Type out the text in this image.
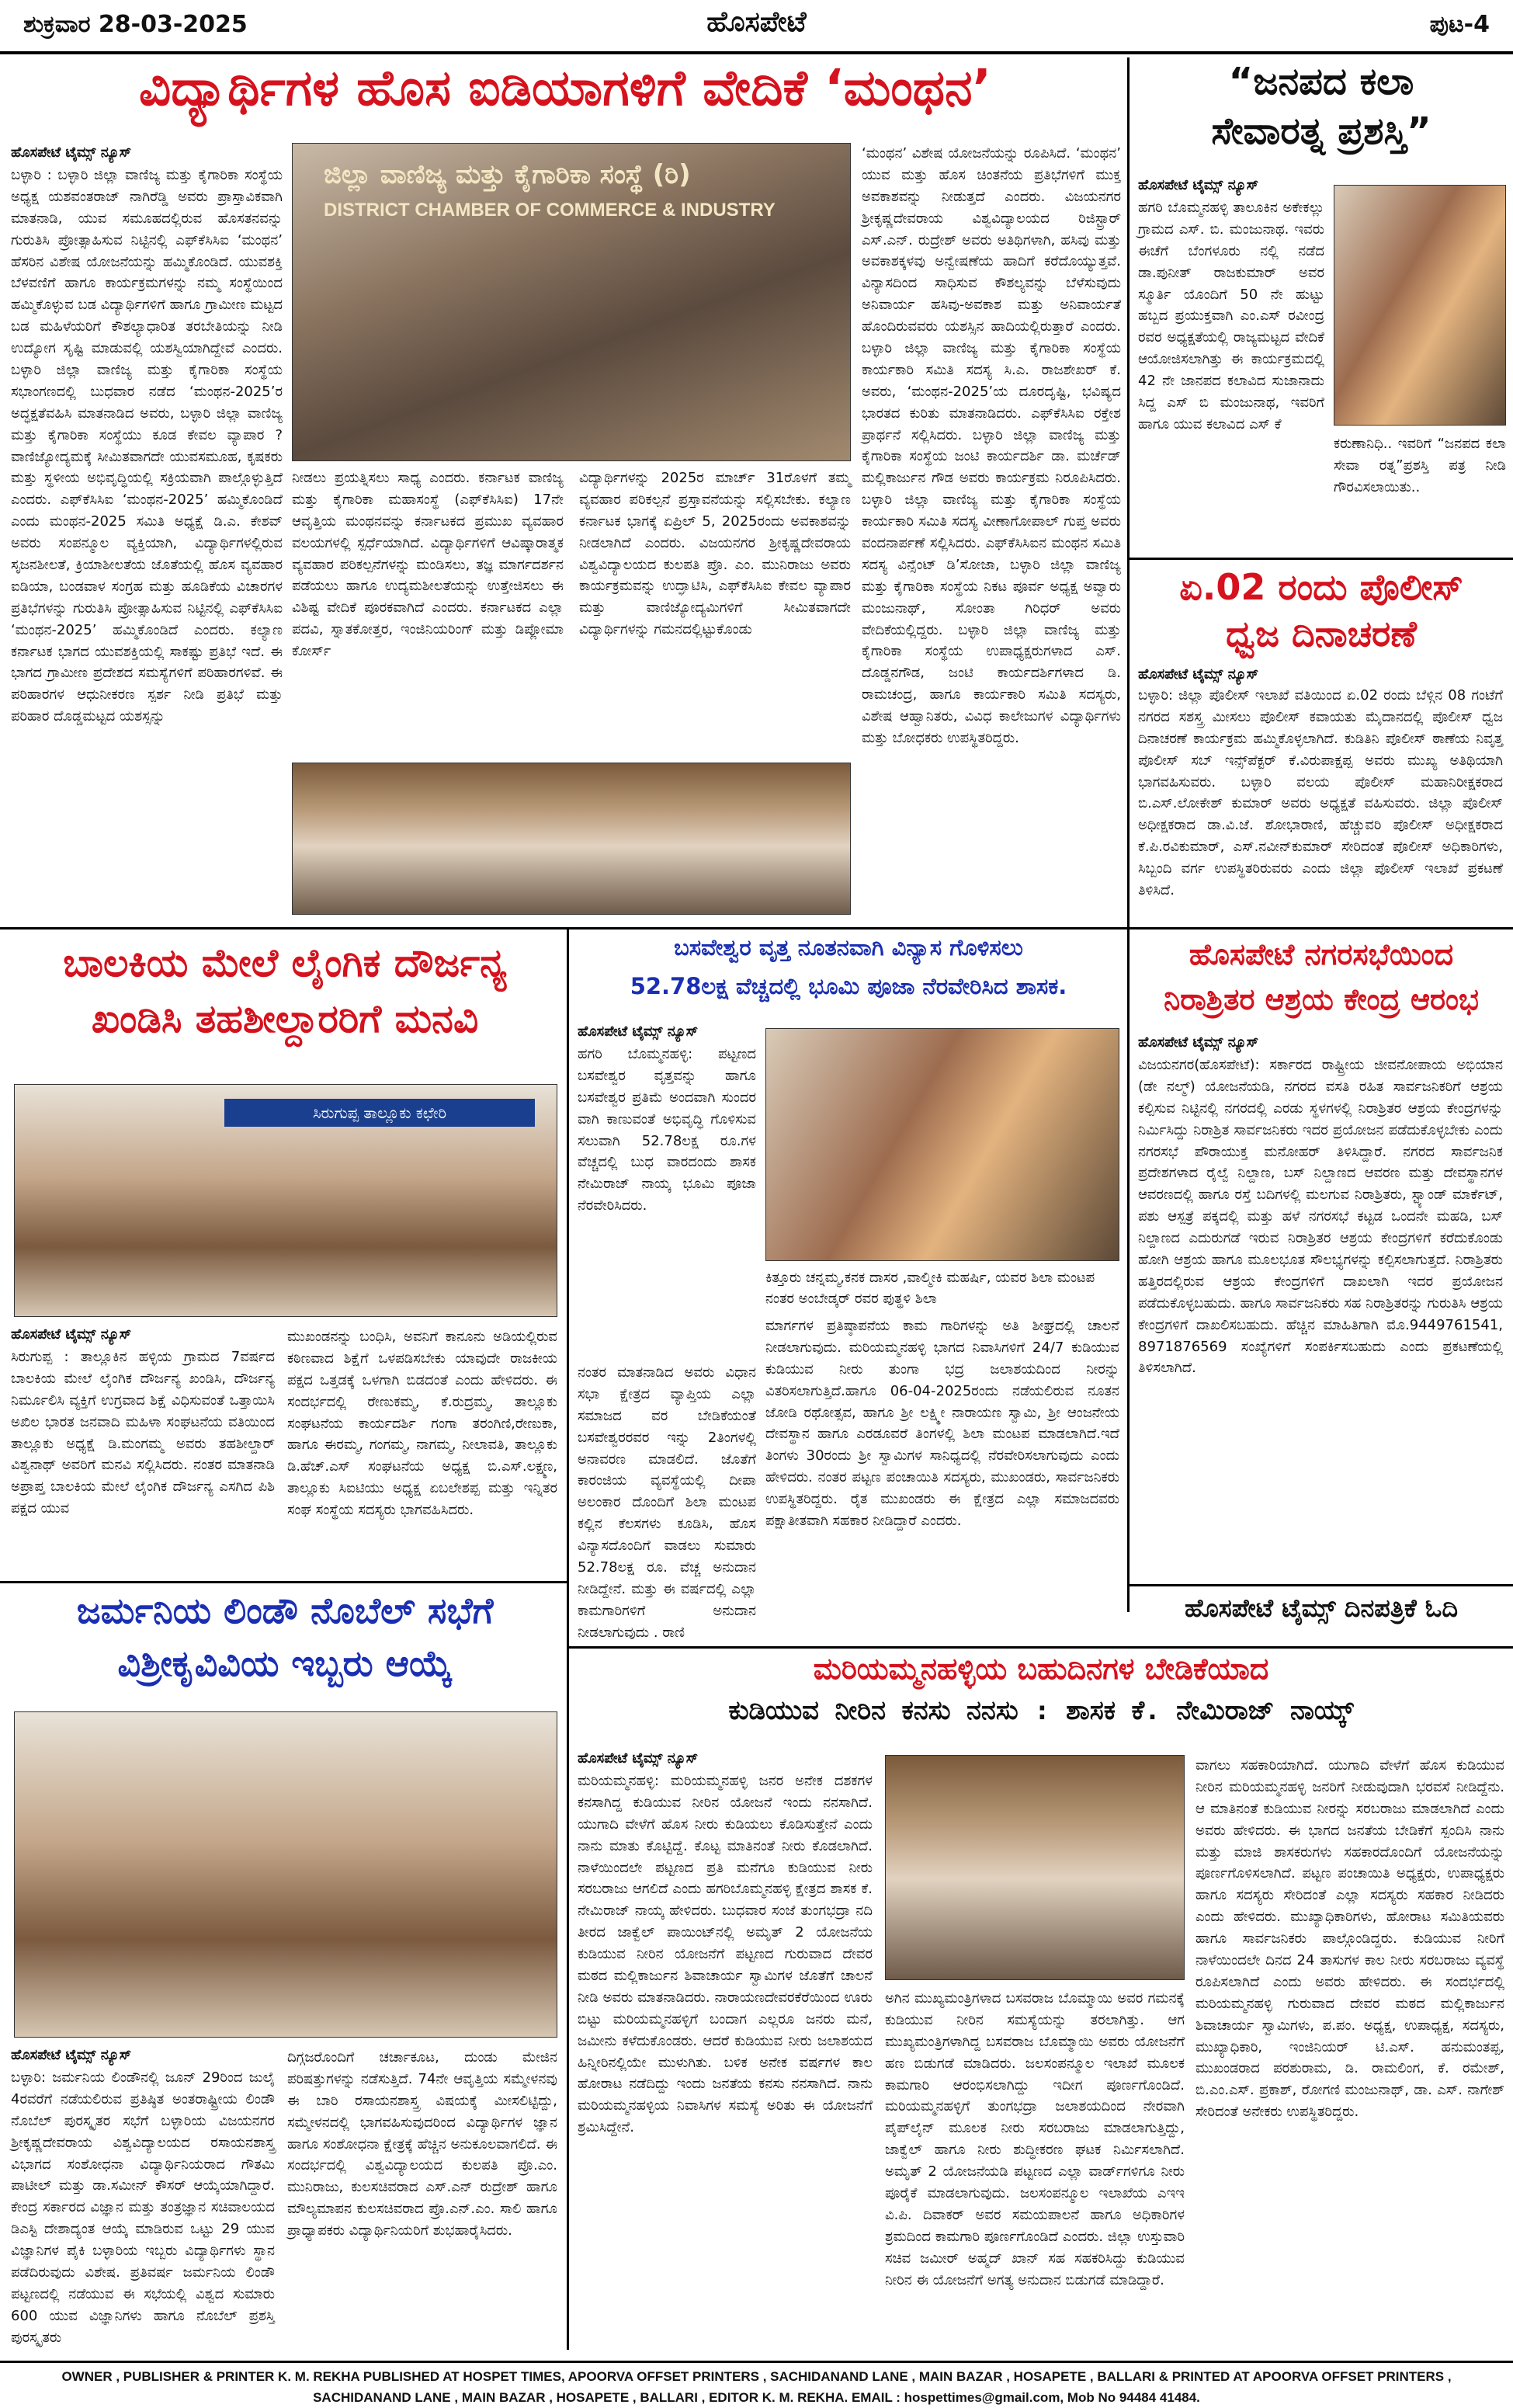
ಹೊಸಪೇಟೆ
ಶುಕ್ರವಾರ 28-03-2025	ಪುಟ-4
ವಿದ್ಯಾರ್ಥಿಗಳ ಹೊಸ ಐಡಿಯಾಗಳಿಗೆ ವೇದಿಕೆ ‘ಮಂಥನ’
ಹೊಸಪೇಟೆ ಟೈಮ್ಸ್ ನ್ಯೂಸ್
ಬಳ್ಳಾರಿ : ಬಳ್ಳಾರಿ ಜಿಲ್ಲಾ ವಾಣಿಜ್ಯ ಮತ್ತು ಕೈಗಾರಿಕಾ ಸಂಸ್ಥೆಯ ಅಧ್ಯಕ್ಷ ಯಶವಂತರಾಜ್ ನಾಗಿರೆಡ್ಡಿ ಅವರು ಪ್ರಾಸ್ತಾವಿಕವಾಗಿ ಮಾತನಾಡಿ, ಯುವ ಸಮೂಹದಲ್ಲಿರುವ ಹೊಸತನವನ್ನು ಗುರುತಿಸಿ ಪ್ರೋತ್ಸಾಹಿಸುವ ನಿಟ್ಟಿನಲ್ಲಿ ಎಫ್‌ಕೆಸಿಸಿಐ ‘ಮಂಥನ’ ಹೆಸರಿನ ವಿಶೇಷ ಯೋಜನೆಯನ್ನು ಹಮ್ಮಿಕೊಂಡಿದೆ. ಯುವಶಕ್ತಿ ಬೆಳವಣಿಗೆ ಹಾಗೂ ಕಾರ್ಯಕ್ರಮಗಳನ್ನು ನಮ್ಮ ಸಂಸ್ಥೆಯಿಂದ ಹಮ್ಮಿಕೊಳ್ಳುವ ಬಡ ವಿದ್ಯಾರ್ಥಿಗಳಿಗೆ ಹಾಗೂ ಗ್ರಾಮೀಣ ಮಟ್ಟದ ಬಡ ಮಹಿಳೆಯರಿಗೆ ಕೌಶಲ್ಯಾಧಾರಿತ ತರಬೇತಿಯನ್ನು ನೀಡಿ ಉದ್ಯೋಗ ಸೃಷ್ಟಿ ಮಾಡುವಲ್ಲಿ ಯಶಸ್ವಿಯಾಗಿದ್ದೇವೆ ಎಂದರು. ಬಳ್ಳಾರಿ ಜಿಲ್ಲಾ ವಾಣಿಜ್ಯ ಮತ್ತು ಕೈಗಾರಿಕಾ ಸಂಸ್ಥೆಯ ಸಭಾಂಗಣದಲ್ಲಿ ಬುಧವಾರ ನಡೆದ ‘ಮಂಥನ-2025’ರ ಅದ್ಧಕ್ಷತೆವಹಿಸಿ ಮಾತನಾಡಿದ ಅವರು, ಬಳ್ಳಾರಿ ಜಿಲ್ಲಾ ವಾಣಿಜ್ಯ ಮತ್ತು ಕೈಗಾರಿಕಾ ಸಂಸ್ಥೆಯು ಕೂಡ ಕೇವಲ ವ್ಯಾಪಾರ ? ವಾಣಿಜ್ಯೋದ್ಯಮಕ್ಕೆ ಸೀಮಿತವಾಗದೇ ಯುವಸಮೂಹ, ಕೃಷಕರು ಮತ್ತು ಸ್ಥಳೀಯ ಅಭಿವೃದ್ಧಿಯಲ್ಲಿ ಸಕ್ರಿಯವಾಗಿ ಪಾಲ್ಗೊಳ್ಳುತ್ತಿದೆ ಎಂದರು. ಎಫ್‌ಕೆಸಿಸಿಐ ‘ಮಂಥನ-2025’ ಹಮ್ಮಿಕೊಂಡಿದೆ ಎಂದು ಮಂಥನ-2025 ಸಮಿತಿ ಅಧ್ಯಕ್ಷೆ ಡಿ.ಎ. ಕೇಶವ್ ಅವರು ಸಂಪನ್ಮೂಲ ವ್ಯಕ್ತಿಯಾಗಿ, ವಿದ್ಯಾರ್ಥಿಗಳಲ್ಲಿರುವ ಸೃಜನಶೀಲತೆ, ಕ್ರಿಯಾಶೀಲತೆಯ ಜೊತೆಯಲ್ಲಿ ಹೊಸ ವ್ಯವಹಾರ ಐಡಿಯಾ, ಬಂಡವಾಳ ಸಂಗ್ರಹ ಮತ್ತು ಹೂಡಿಕೆಯ ವಿಚಾರಗಳ ಪ್ರತಿಭೆಗಳನ್ನು ಗುರುತಿಸಿ ಪ್ರೋತ್ಸಾಹಿಸುವ ನಿಟ್ಟಿನಲ್ಲಿ ಎಫ್‌ಕೆಸಿಸಿಐ ‘ಮಂಥನ-2025’ ಹಮ್ಮಿಕೊಂಡಿದೆ ಎಂದರು. ಕಲ್ಯಾಣ ಕರ್ನಾಟಕ ಭಾಗದ ಯುವಶಕ್ತಿಯಲ್ಲಿ ಸಾಕಷ್ಟು ಪ್ರತಿಭೆ ಇದೆ. ಈ ಭಾಗದ ಗ್ರಾಮೀಣ ಪ್ರದೇಶದ ಸಮಸ್ಯೆಗಳಿಗೆ ಪರಿಹಾರಗಳಿವೆ. ಈ ಪರಿಹಾರಗಳ ಆಧುನೀಕರಣ ಸ್ಪರ್ಶ ನೀಡಿ ಪ್ರತಿಭೆ ಮತ್ತು ಪರಿಹಾರ ದೊಡ್ಡಮಟ್ಟದ ಯಶಸ್ಸನ್ನು
ಜಿಲ್ಲಾ ವಾಣಿಜ್ಯ ಮತ್ತು ಕೈಗಾರಿಕಾ ಸಂಸ್ಥೆ (ರಿ)
DISTRICT CHAMBER OF COMMERCE & INDUSTRY
ನೀಡಲು ಪ್ರಯತ್ನಿಸಲು ಸಾಧ್ಯ ಎಂದರು. ಕರ್ನಾಟಕ ವಾಣಿಜ್ಯ ಮತ್ತು ಕೈಗಾರಿಕಾ ಮಹಾಸಂಸ್ಥೆ (ಎಫ್‌ಕೆಸಿಸಿಐ) 17ನೇ ಆವೃತ್ತಿಯ ಮಂಥನವನ್ನು ಕರ್ನಾಟಕದ ಪ್ರಮುಖ ವ್ಯವಹಾರ ವಲಯಗಳಲ್ಲಿ ಸ್ಪರ್ಧೆಯಾಗಿದೆ. ವಿದ್ಯಾರ್ಥಿಗಳಿಗೆ ಆವಿಷ್ಕಾರಾತ್ಮಕ ವ್ಯವಹಾರ ಪರಿಕಲ್ಪನೆಗಳನ್ನು ಮಂಡಿಸಲು, ತಜ್ಞ ಮಾರ್ಗದರ್ಶನ ಪಡೆಯಲು ಹಾಗೂ ಉದ್ಯಮಶೀಲತೆಯನ್ನು ಉತ್ತೇಜಿಸಲು ಈ ವಿಶಿಷ್ಟ ವೇದಿಕೆ ಪೂರಕವಾಗಿದೆ ಎಂದರು. ಕರ್ನಾಟಕದ ಎಲ್ಲಾ ಪದವಿ, ಸ್ನಾತಕೋತ್ತರ, ಇಂಜಿನಿಯರಿಂಗ್ ಮತ್ತು ಡಿಪ್ಲೋಮಾ ಕೋರ್ಸ್
ವಿದ್ಯಾರ್ಥಿಗಳನ್ನು 2025ರ ಮಾರ್ಚ್ 31ರೊಳಗೆ ತಮ್ಮ ವ್ಯವಹಾರ ಪರಿಕಲ್ಪನೆ ಪ್ರಸ್ತಾವನೆಯನ್ನು ಸಲ್ಲಿಸಬೇಕು. ಕಲ್ಯಾಣ ಕರ್ನಾಟಕ ಭಾಗಕ್ಕೆ ಏಪ್ರಿಲ್ 5, 2025ರಂದು ಅವಕಾಶವನ್ನು ನೀಡಲಾಗಿದೆ ಎಂದರು. ವಿಜಯನಗರ ಶ್ರೀಕೃಷ್ಣದೇವರಾಯ ವಿಶ್ವವಿದ್ಯಾಲಯದ ಕುಲಪತಿ ಪ್ರೊ. ಎಂ. ಮುನಿರಾಜು ಅವರು ಕಾರ್ಯಕ್ರಮವನ್ನು ಉದ್ಘಾಟಿಸಿ, ಎಫ್‌ಕೆಸಿಸಿಐ ಕೇವಲ ವ್ಯಾಪಾರ ಮತ್ತು ವಾಣಿಜ್ಯೋದ್ಯಮಿಗಳಿಗೆ ಸೀಮಿತವಾಗದೇ ವಿದ್ಯಾರ್ಥಿಗಳನ್ನು ಗಮನದಲ್ಲಿಟ್ಟುಕೊಂಡು
‘ಮಂಥನ’ ವಿಶೇಷ ಯೋಜನೆಯನ್ನು ರೂಪಿಸಿದೆ. ‘ಮಂಥನ’ ಯುವ ಮತ್ತು ಹೊಸ ಚಿಂತನೆಯ ಪ್ರತಿಭೆಗಳಿಗೆ ಮುಕ್ತ ಅವಕಾಶವನ್ನು ನೀಡುತ್ತದೆ ಎಂದರು. ವಿಜಯನಗರ ಶ್ರೀಕೃಷ್ಣದೇವರಾಯ ವಿಶ್ವವಿದ್ಯಾಲಯದ ರಿಜಿಸ್ಟ್ರಾರ್ ಎಸ್.ಎನ್. ರುದ್ರೇಶ್ ಅವರು ಅತಿಥಿಗಳಾಗಿ, ಹಸಿವು ಮತ್ತು ಅವಕಾಶಕ್ಕಳವು ಅನ್ವೇಷಣೆಯ ಹಾದಿಗೆ ಕರೆದೊಯ್ಯುತ್ತವೆ. ವಿನ್ಯಾಸದಿಂದ ಸಾಧಿಸುವ ಕೌಶಲ್ಯವನ್ನು ಬೆಳೆಸುವುದು ಅನಿವಾರ್ಯ ಹಸಿವು-ಅವಕಾಶ ಮತ್ತು ಅನಿವಾರ್ಯತೆ ಹೊಂದಿರುವವರು ಯಶಸ್ಸಿನ ಹಾದಿಯಲ್ಲಿರುತ್ತಾರೆ ಎಂದರು. ಬಳ್ಳಾರಿ ಜಿಲ್ಲಾ ವಾಣಿಜ್ಯ ಮತ್ತು ಕೈಗಾರಿಕಾ ಸಂಸ್ಥೆಯ ಕಾರ್ಯಕಾರಿ ಸಮಿತಿ ಸದಸ್ಯ ಸಿ.ಎ. ರಾಜಶೇಖರ್ ಕೆ. ಅವರು, ‘ಮಂಥನ-2025’ಯ ದೂರದೃಷ್ಟಿ, ಭವಿಷ್ಯದ ಭಾರತದ ಕುರಿತು ಮಾತನಾಡಿದರು. ಎಫ್‌ಕೆಸಿಸಿಐ ರಕ್ತೇಶ ಪ್ರಾರ್ಥನೆ ಸಲ್ಲಿಸಿದರು. ಬಳ್ಳಾರಿ ಜಿಲ್ಲಾ ವಾಣಿಜ್ಯ ಮತ್ತು ಕೈಗಾರಿಕಾ ಸಂಸ್ಥೆಯ ಜಂಟಿ ಕಾರ್ಯದರ್ಶಿ ಡಾ. ಮರ್ಚೆಡ್ ಮಲ್ಲಿಕಾರ್ಜುನ ಗೌಡ ಅವರು ಕಾರ್ಯಕ್ರಮ ನಿರೂಪಿಸಿದರು. ಬಳ್ಳಾರಿ ಜಿಲ್ಲಾ ವಾಣಿಜ್ಯ ಮತ್ತು ಕೈಗಾರಿಕಾ ಸಂಸ್ಥೆಯ ಕಾರ್ಯಕಾರಿ ಸಮಿತಿ ಸದಸ್ಯ ವೀಣಾಗೋಪಾಲ್ ಗುಪ್ತ ಅವರು ವಂದನಾರ್ಪಣೆ ಸಲ್ಲಿಸಿದರು. ಎಫ್‌ಕೆಸಿಸಿಐನ ಮಂಥನ ಸಮಿತಿ ಸದಸ್ಯ ವಿನ್ಸೆಂಟ್ ಡಿ’ಸೋಜಾ, ಬಳ್ಳಾರಿ ಜಿಲ್ಲಾ ವಾಣಿಜ್ಯ ಮತ್ತು ಕೈಗಾರಿಕಾ ಸಂಸ್ಥೆಯ ನಿಕಟ ಪೂರ್ವ ಅಧ್ಯಕ್ಷ ಅವ್ವಾರು ಮಂಜುನಾಥ್, ಸೋಂತಾ ಗಿರಿಧರ್ ಅವರು ವೇದಿಕೆಯಲ್ಲಿದ್ದರು. ಬಳ್ಳಾರಿ ಜಿಲ್ಲಾ ವಾಣಿಜ್ಯ ಮತ್ತು ಕೈಗಾರಿಕಾ ಸಂಸ್ಥೆಯ ಉಪಾಧ್ಯಕ್ಷರುಗಳಾದ ಎಸ್. ದೊಡ್ಡನಗೌಡ, ಜಂಟಿ ಕಾರ್ಯದರ್ಶಿಗಳಾದ ಡಿ. ರಾಮಚಂದ್ರ, ಹಾಗೂ ಕಾರ್ಯಕಾರಿ ಸಮಿತಿ ಸದಸ್ಯರು, ವಿಶೇಷ ಆಹ್ವಾನಿತರು, ವಿವಿಧ ಕಾಲೇಜುಗಳ ವಿದ್ಯಾರ್ಥಿಗಳು ಮತ್ತು ಬೋಧಕರು ಉಪಸ್ಥಿತರಿದ್ದರು.
“ಜನಪದ ಕಲಾ
ಸೇವಾರತ್ನ ಪ್ರಶಸ್ತಿ”
ಹೊಸಪೇಟೆ ಟೈಮ್ಸ್ ನ್ಯೂಸ್
ಹಗರಿ ಬೊಮ್ಮನಹಳ್ಳಿ ತಾಲೂಕಿನ ಅಕೇಕಲ್ಲು ಗ್ರಾಮದ ಎಸ್. ಬಿ. ಮಂಜುನಾಥ. ಇವರು ಈಚೆಗೆ ಬೆಂಗಳೂರು ನಲ್ಲಿ ನಡೆದ ಡಾ.ಪುನೀತ್ ರಾಜಕುಮಾರ್ ಅವರ ಸ್ಮೂರ್ತಿ ಯೊಂದಿಗೆ 50 ನೇ ಹುಟ್ಟು ಹಬ್ಬದ ಪ್ರಯುಕ್ತವಾಗಿ ಎಂ.ಎಸ್ ರವೀಂದ್ರ ರವರ ಅಧ್ಯಕ್ಷತೆಯಲ್ಲಿ ರಾಜ್ಯಮಟ್ಟದ ವೇದಿಕೆ ಆಯೋಜಿಸಲಾಗಿತ್ತು ಈ ಕಾರ್ಯಕ್ರಮದಲ್ಲಿ 42 ನೇ ಜಾನಪದ ಕಲಾವಿದ ಸುಜಾನಾದು ಸಿದ್ದ ಎಸ್ ಬಿ ಮಂಜುನಾಥ, ಇವರಿಗೆ ಹಾಗೂ ಯುವ ಕಲಾವಿದ ಎಸ್ ಕೆ
ಕರುಣಾನಿಧಿ.. ಇವರಿಗೆ “ಜನಪದ ಕಲಾ ಸೇವಾ ರತ್ನ”ಪ್ರಶಸ್ತಿ ಪತ್ರ ನೀಡಿ ಗೌರವಿಸಲಾಯಿತು..
ಏ.02 ರಂದು ಪೊಲೀಸ್
ಧ್ವಜ ದಿನಾಚರಣೆ
ಹೊಸಪೇಟೆ ಟೈಮ್ಸ್ ನ್ಯೂಸ್
ಬಳ್ಳಾರಿ: ಜಿಲ್ಲಾ ಪೊಲೀಸ್ ಇಲಾಖೆ ವತಿಯಿಂದ ಏ.02 ರಂದು ಬೆಳ್ಗಿನ 08 ಗಂಟೆಗೆ ನಗರದ ಸಶಸ್ತ್ರ ಮೀಸಲು ಪೊಲೀಸ್ ಕವಾಯತು ಮೈದಾನದಲ್ಲಿ ಪೊಲೀಸ್ ಧ್ವಜ ದಿನಾಚರಣೆ ಕಾರ್ಯಕ್ರಮ ಹಮ್ಮಿಕೊಳ್ಳಲಾಗಿದೆ. ಕುಡಿತಿನಿ ಪೊಲೀಸ್ ಠಾಣೆಯ ನಿವೃತ್ತ ಪೊಲೀಸ್ ಸಬ್ ಇನ್ಸ್‌ಪೆಕ್ಟರ್ ಕೆ.ವಿರುಪಾಕ್ಷಪ್ಪ ಅವರು ಮುಖ್ಯ ಅತಿಥಿಯಾಗಿ ಭಾಗವಹಿಸುವರು. ಬಳ್ಳಾರಿ ವಲಯ ಪೊಲೀಸ್ ಮಹಾನಿರೀಕ್ಷಕರಾದ ಬಿ.ಎಸ್.ಲೋಕೇಶ್ ಕುಮಾರ್ ಅವರು ಅಧ್ಯಕ್ಷತೆ ವಹಿಸುವರು. ಜಿಲ್ಲಾ ಪೊಲೀಸ್ ಅಧೀಕ್ಷಕರಾದ ಡಾ.ವಿ.ಜೆ. ಶೋಭಾರಾಣಿ, ಹೆಚ್ಚುವರಿ ಪೊಲೀಸ್ ಅಧೀಕ್ಷಕರಾದ ಕೆ.ಪಿ.ರವಿಕುಮಾರ್, ಎಸ್.ನವೀನ್‌ಕುಮಾರ್ ಸೇರಿದಂತೆ ಪೊಲೀಸ್ ಅಧಿಕಾರಿಗಳು, ಸಿಬ್ಬಂದಿ ವರ್ಗ ಉಪಸ್ಥಿತರಿರುವರು ಎಂದು ಜಿಲ್ಲಾ ಪೊಲೀಸ್ ಇಲಾಖೆ ಪ್ರಕಟಣೆ ತಿಳಿಸಿದೆ.
ಬಾಲಕಿಯ ಮೇಲೆ ಲೈಂಗಿಕ ದೌರ್ಜನ್ಯ
ಖಂಡಿಸಿ ತಹಶೀಲ್ದಾರರಿಗೆ ಮನವಿ
ಸಿರುಗುಪ್ಪ ತಾಲ್ಲೂಕು ಕಛೇರಿ
ಹೊಸಪೇಟೆ ಟೈಮ್ಸ್ ನ್ಯೂಸ್
ಸಿರುಗುಪ್ಪ : ತಾಲ್ಲೂಕಿನ ಹಳ್ಳಿಯ ಗ್ರಾಮದ 7ವರ್ಷದ ಬಾಲಕಿಯ ಮೇಲೆ ಲೈಂಗಿಕ ದೌರ್ಜನ್ಯ ಖಂಡಿಸಿ, ದೌರ್ಜನ್ಯ ನಿರ್ಮೂಲಿಸಿ ವ್ಯಕ್ತಿಗೆ ಉಗ್ರವಾದ ಶಿಕ್ಷೆ ವಿಧಿಸುವಂತೆ ಒತ್ತಾಯಿಸಿ ಅಖಿಲ ಭಾರತ ಜನವಾದಿ ಮಹಿಳಾ ಸಂಘಟನೆಯ ವತಿಯಿಂದ ತಾಲ್ಲೂಕು ಅಧ್ಯಕ್ಷೆ ಡಿ.ಮಂಗಮ್ಮ ಅವರು ತಹಶೀಲ್ದಾರ್ ವಿಶ್ವನಾಥ್ ಅವರಿಗೆ ಮನವಿ ಸಲ್ಲಿಸಿದರು. ನಂತರ ಮಾತನಾಡಿ ಅಪ್ರಾಪ್ತ ಬಾಲಕಿಯ ಮೇಲೆ ಲೈಂಗಿಕ ದೌರ್ಜನ್ಯ ಎಸಗಿದ ಪಿಶಿ ಪಕ್ಷದ ಯುವ
ಮುಖಂಡನನ್ನು ಬಂಧಿಸಿ, ಅವನಿಗೆ ಕಾನೂನು ಅಡಿಯಲ್ಲಿರುವ ಕಠಿಣವಾದ ಶಿಕ್ಷೆಗೆ ಒಳಪಡಿಸಬೇಕು ಯಾವುದೇ ರಾಜಕೀಯ ಪಕ್ಷದ ಒತ್ತಡಕ್ಕೆ ಒಳಗಾಗಿ ಬಿಡದಂತೆ ಎಂದು ಹೇಳಿದರು. ಈ ಸಂದರ್ಭದಲ್ಲಿ ರೇಣುಕಮ್ಮ, ಕೆ.ರುದ್ರಮ್ಮ, ತಾಲ್ಲೂಕು ಸಂಘಟನೆಯ ಕಾರ್ಯದರ್ಶಿ ಗಂಗಾ ತರಂಗಿಣಿ,ರೇಣುಕಾ, ಹಾಗೂ ಈರಮ್ಮ, ಗಂಗಮ್ಮ, ನಾಗಮ್ಮ, ನೀಲಾವತಿ, ತಾಲ್ಲೂಕು ಡಿ.ಹೆಚ್.ಎಸ್ ಸಂಘಟನೆಯ ಅಧ್ಯಕ್ಷ ಬಿ.ಎಸ್.ಲಕ್ಷ್ಮಣ, ತಾಲ್ಲೂಕು ಸಿಐಟಿಯು ಅಧ್ಯಕ್ಷ ಏಬಲೇಶಪ್ಪ ಮತ್ತು ಇನ್ನಿತರ ಸಂಘ ಸಂಸ್ಥೆಯ ಸದಸ್ಯರು ಭಾಗವಹಿಸಿದರು.
ಬಸವೇಶ್ವರ ವೃತ್ತ ನೂತನವಾಗಿ ವಿನ್ಯಾಸ ಗೊಳಿಸಲು
52.78ಲಕ್ಷ ವೆಚ್ಚದಲ್ಲಿ ಭೂಮಿ ಪೂಜಾ ನೆರವೇರಿಸಿದ ಶಾಸಕ.
ಹೊಸಪೇಟೆ ಟೈಮ್ಸ್ ನ್ಯೂಸ್
ಹಗರಿ ಬೊಮ್ಮನಹಳ್ಳಿ: ಪಟ್ಟಣದ ಬಸವೇಶ್ವರ ವೃತ್ತವನ್ನು ಹಾಗೂ ಬಸವೇಶ್ವರ ಪ್ರತಿಮೆ ಅಂದವಾಗಿ ಸುಂದರ ವಾಗಿ ಕಾಣುವಂತೆ ಅಭಿವೃದ್ಧಿ ಗೊಳಿಸುವ ಸಲುವಾಗಿ 52.78ಲಕ್ಷ ರೂ.ಗಳ ವೆಚ್ಚದಲ್ಲಿ ಬುಧ ವಾರದಂದು ಶಾಸಕ ನೇಮಿರಾಜ್ ನಾಯ್ಕ ಭೂಮಿ ಪೂಜಾ ನೆರವೇರಿಸಿದರು.
ಕಿತ್ತೂರು ಚನ್ನಮ್ಮ,ಕನಕ ದಾಸರ ,ವಾಲ್ಮೀಕಿ ಮಹರ್ಷಿ, ಯವರ ಶಿಲಾ ಮಂಟಪ ನಂತರ ಅಂಬೇಡ್ಕರ್ ರವರ ಪುತ್ಥಳಿ ಶಿಲಾ
ಮಾರ್ಗಗಳ ಪ್ರತಿಷ್ಠಾಪನೆಯ ಕಾಮ ಗಾರಿಗಳನ್ನು ಅತಿ ಶೀಘ್ರದಲ್ಲಿ ಚಾಲನೆ ನೀಡಲಾಗುವುದು. ಮರಿಯಮ್ಮನಹಳ್ಳಿ ಭಾಗದ ನಿವಾಸಿಗಳಿಗೆ 24/7 ಕುಡಿಯುವ ಕುಡಿಯುವ ನೀರು ತುಂಗಾ ಭದ್ರ ಜಲಾಶಯದಿಂದ ನೀರನ್ನು ವಿತರಿಸಲಾಗುತ್ತಿದೆ.ಹಾಗೂ 06-04-2025ರಂದು ನಡೆಯಲಿರುವ ನೂತನ ಜೋಡಿ ರಥೋತ್ಸವ, ಹಾಗೂ ಶ್ರೀ ಲಕ್ಷ್ಮೀ ನಾರಾಯಣ ಸ್ವಾಮಿ, ಶ್ರೀ ಆಂಜನೇಯ ದೇವಸ್ಥಾನ ಹಾಗೂ ಎರಡೂವರೆ ತಿಂಗಳಲ್ಲಿ ಶಿಲಾ ಮಂಟಪ ಮಾಡಲಾಗಿದೆ.ಇದೆ ತಿಂಗಳು 30ರಂದು ಶ್ರೀ ಸ್ವಾಮಿಗಳ ಸಾನಿಧ್ಯದಲ್ಲಿ ನೆರವೇರಿಸಲಾಗುವುದು ಎಂದು ಹೇಳಿದರು. ನಂತರ ಪಟ್ಟಣ ಪಂಚಾಯಿತಿ ಸದಸ್ಯರು, ಮುಖಂಡರು, ಸಾರ್ವಜನಿಕರು ಉಪಸ್ಥಿತರಿದ್ದರು. ರೈತ ಮುಖಂಡರು ಈ ಕ್ಷೇತ್ರದ ಎಲ್ಲಾ ಸಮಾಜದವರು ಪಕ್ಷಾತೀತವಾಗಿ ಸಹಕಾರ ನೀಡಿದ್ದಾರೆ ಎಂದರು.
ನಂತರ ಮಾತನಾಡಿದ ಅವರು ವಿಧಾನ ಸಭಾ ಕ್ಷೇತ್ರದ ವ್ಯಾಪ್ತಿಯ ಎಲ್ಲಾ ಸಮಾಜದ ವರ ಬೇಡಿಕೆಯಂತೆ ಬಸವೇಶ್ವರರವರ ಇನ್ನು 2ತಿಂಗಳಲ್ಲಿ ಅನಾವರಣ ಮಾಡಲಿದೆ. ಜೊತೆಗೆ ಕಾರಂಜಿಯ ವ್ಯವಸ್ಥೆಯಲ್ಲಿ ದೀಪಾ ಅಲಂಕಾರ ದೊಂದಿಗೆ ಶಿಲಾ ಮಂಟಪ ಕಲ್ಲಿನ ಕೆಲಸಗಳು ಕೂಡಿಸಿ, ಹೊಸ ವಿನ್ಯಾಸದೊಂದಿಗೆ ವಾಡಲು ಸುಮಾರು 52.78ಲಕ್ಷ ರೂ. ವೆಚ್ಚ ಅನುದಾನ ನೀಡಿದ್ದೇನೆ. ಮತ್ತು ಈ ವರ್ಷದಲ್ಲಿ ಎಲ್ಲಾ ಕಾಮಗಾರಿಗಳಿಗೆ ಅನುದಾನ ನೀಡಲಾಗುವುದು . ರಾಣಿ
ಹೊಸಪೇಟೆ ನಗರಸಭೆಯಿಂದ
ನಿರಾಶ್ರಿತರ ಆಶ್ರಯ ಕೇಂದ್ರ ಆರಂಭ
ಹೊಸಪೇಟೆ ಟೈಮ್ಸ್ ನ್ಯೂಸ್
ವಿಜಯನಗರ(ಹೊಸಪೇಟೆ): ಸರ್ಕಾರದ ರಾಷ್ಟ್ರೀಯ ಜೀವನೋಪಾಯ ಅಭಿಯಾನ (ಡೇ ನಲ್ಮ್) ಯೋಜನೆಯಡಿ, ನಗರದ ವಸತಿ ರಹಿತ ಸಾರ್ವಜನಿಕರಿಗೆ ಆಶ್ರಯ ಕಲ್ಪಿಸುವ ನಿಟ್ಟಿನಲ್ಲಿ ನಗರದಲ್ಲಿ ಎರಡು ಸ್ಥಳಗಳಲ್ಲಿ ನಿರಾಶ್ರಿತರ ಆಶ್ರಯ ಕೇಂದ್ರಗಳನ್ನು ನಿರ್ಮಿಸಿದ್ದು ನಿರಾಶ್ರಿತ ಸಾರ್ವಜನಿಕರು ಇದರ ಪ್ರಯೋಜನ ಪಡೆದುಕೊಳ್ಳಬೇಕು ಎಂದು ನಗರಸಭೆ ಪೌರಾಯುಕ್ತ ಮನೋಹರ್ ತಿಳಿಸಿದ್ದಾರೆ. ನಗರದ ಸಾರ್ವಜನಿಕ ಪ್ರದೇಶಗಳಾದ ರೈಲ್ವೆ ನಿಲ್ದಾಣ, ಬಸ್ ನಿಲ್ದಾಣದ ಆವರಣ ಮತ್ತು ದೇವಸ್ಥಾನಗಳ ಆವರಣದಲ್ಲಿ ಹಾಗೂ ರಸ್ತೆ ಬದಿಗಳಲ್ಲಿ ಮಲಗುವ ನಿರಾಶ್ರಿತರು, ಸ್ಟ್ಯಾಂಡ್ ಮಾರ್ಕೆಟ್, ಪಶು ಆಸ್ಪತ್ರೆ ಪಕ್ಕದಲ್ಲಿ ಮತ್ತು ಹಳೆ ನಗರಸಭೆ ಕಟ್ಟಡ ಒಂದನೇ ಮಹಡಿ, ಬಸ್ ನಿಲ್ದಾಣದ ಎದುರುಗಡೆ ಇರುವ ನಿರಾಶ್ರಿತರ ಆಶ್ರಯ ಕೇಂದ್ರಗಳಿಗೆ ಕರೆದುಕೊಂಡು ಹೋಗಿ ಆಶ್ರಯ ಹಾಗೂ ಮೂಲಭೂತ ಸೌಲಭ್ಯಗಳನ್ನು ಕಲ್ಪಿಸಲಾಗುತ್ತದೆ. ನಿರಾಶ್ರಿತರು ಹತ್ತಿರದಲ್ಲಿರುವ ಆಶ್ರಯ ಕೇಂದ್ರಗಳಿಗೆ ದಾಖಲಾಗಿ ಇದರ ಪ್ರಯೋಜನ ಪಡೆದುಕೊಳ್ಳಬಹುದು. ಹಾಗೂ ಸಾರ್ವಜನಿಕರು ಸಹ ನಿರಾಶ್ರಿತರನ್ನು ಗುರುತಿಸಿ ಆಶ್ರಯ ಕೇಂದ್ರಗಳಿಗೆ ದಾಖಲಿಸಬಹುದು. ಹೆಚ್ಚಿನ ಮಾಹಿತಿಗಾಗಿ ಮೊ.9449761541, 8971876569 ಸಂಖ್ಯೆಗಳಿಗೆ ಸಂಪರ್ಕಿಸಬಹುದು ಎಂದು ಪ್ರಕಟಣೆಯಲ್ಲಿ ತಿಳಿಸಲಾಗಿದೆ.
ಹೊಸಪೇಟೆ ಟೈಮ್ಸ್ ದಿನಪತ್ರಿಕೆ ಓದಿ
ಜರ್ಮನಿಯ ಲಿಂಡೌ ನೊಬೆಲ್ ಸಭೆಗೆ
ವಿಶ್ರೀಕೃವಿವಿಯ ಇಬ್ಬರು ಆಯ್ಕೆ
ಹೊಸಪೇಟೆ ಟೈಮ್ಸ್ ನ್ಯೂಸ್
ಬಳ್ಳಾರಿ: ಜರ್ಮನಿಯ ಲಿಂಡೌನಲ್ಲಿ ಜೂನ್ 29ರಿಂದ ಜುಲೈ 4ರವರೆಗೆ ನಡೆಯಲಿರುವ ಪ್ರತಿಷ್ಠಿತ ಅಂತರಾಷ್ಟ್ರೀಯ ಲಿಂಡೌ ನೊಬೆಲ್ ಪುರಸ್ಕೃತರ ಸಭೆಗೆ ಬಳ್ಳಾರಿಯ ವಿಜಯನಗರ ಶ್ರೀಕೃಷ್ಣದೇವರಾಯ ವಿಶ್ವವಿದ್ಯಾಲಯದ ರಸಾಯನಶಾಸ್ತ್ರ ವಿಭಾಗದ ಸಂಶೋಧನಾ ವಿದ್ಯಾರ್ಥಿನಿಯರಾದ ಗೌತಮಿ ಪಾಟೀಲ್ ಮತ್ತು ಡಾ.ಸಮೀನ್ ಕೌಸರ್ ಆಯ್ಕೆಯಾಗಿದ್ದಾರೆ. ಕೇಂದ್ರ ಸರ್ಕಾರದ ವಿಜ್ಞಾನ ಮತ್ತು ತಂತ್ರಜ್ಞಾನ ಸಚಿವಾಲಯದ ಡಿಎಸ್ಟಿ ದೇಶಾದ್ಯಂತ ಆಯ್ಕೆ ಮಾಡಿರುವ ಒಟ್ಟು 29 ಯುವ ವಿಜ್ಞಾನಿಗಳ ಪೈಕಿ ಬಳ್ಳಾರಿಯ ಇಬ್ಬರು ವಿದ್ಯಾರ್ಥಿಗಳು ಸ್ಥಾನ ಪಡೆದಿರುವುದು ವಿಶೇಷ. ಪ್ರತಿವರ್ಷ ಜರ್ಮನಿಯ ಲಿಂಡೌ ಪಟ್ಟಣದಲ್ಲಿ ನಡೆಯುವ ಈ ಸಭೆಯಲ್ಲಿ ವಿಶ್ವದ ಸುಮಾರು 600 ಯುವ ವಿಜ್ಞಾನಿಗಳು ಹಾಗೂ ನೊಬೆಲ್ ಪ್ರಶಸ್ತಿ ಪುರಸ್ಕೃತರು
ದಿಗ್ಗಜರೊಂದಿಗೆ ಚರ್ಚಾಕೂಟ, ದುಂಡು ಮೇಜಿನ ಪರಿಷತ್ತುಗಳನ್ನು ನಡೆಸುತ್ತಿದೆ. 74ನೇ ಆವೃತ್ತಿಯ ಸಮ್ಮೇಳನವು ಈ ಬಾರಿ ರಸಾಯನಶಾಸ್ತ್ರ ವಿಷಯಕ್ಕೆ ಮೀಸಲಿಟ್ಟಿದ್ದು, ಸಮ್ಮೇಳನದಲ್ಲಿ ಭಾಗವಹಿಸುವುದರಿಂದ ವಿದ್ಯಾರ್ಥಿಗಳ ಜ್ಞಾನ ಹಾಗೂ ಸಂಶೋಧನಾ ಕ್ಷೇತ್ರಕ್ಕೆ ಹೆಚ್ಚಿನ ಅನುಕೂಲವಾಗಲಿದೆ. ಈ ಸಂದರ್ಭದಲ್ಲಿ ವಿಶ್ವವಿದ್ಯಾಲಯದ ಕುಲಪತಿ ಪ್ರೊ.ಎಂ. ಮುನಿರಾಜು, ಕುಲಸಚಿವರಾದ ಎಸ್.ಎನ್ ರುದ್ರೇಶ್ ಹಾಗೂ ಮೌಲ್ಯಮಾಪನ ಕುಲಸಚಿವರಾದ ಪ್ರೊ.ಎನ್.ಎಂ. ಸಾಲಿ ಹಾಗೂ ಪ್ರಾಧ್ಯಾಪಕರು ವಿದ್ಯಾರ್ಥಿನಿಯರಿಗೆ ಶುಭಹಾರೈಸಿದರು.
ಮರಿಯಮ್ಮನಹಳ್ಳಿಯ ಬಹುದಿನಗಳ ಬೇಡಿಕೆಯಾದ
ಕುಡಿಯುವ ನೀರಿನ ಕನಸು ನನಸು : ಶಾಸಕ ಕೆ. ನೇಮಿರಾಜ್ ನಾಯ್ಕ್
ಹೊಸಪೇಟೆ ಟೈಮ್ಸ್ ನ್ಯೂಸ್
ಮರಿಯಮ್ಮನಹಳ್ಳಿ: ಮರಿಯಮ್ಮನಹಳ್ಳಿ ಜನರ ಅನೇಕ ದಶಕಗಳ ಕನಸಾಗಿದ್ದ ಕುಡಿಯುವ ನೀರಿನ ಯೋಜನೆ ಇಂದು ನನಸಾಗಿದೆ. ಯುಗಾದಿ ವೇಳೆಗೆ ಹೊಸ ನೀರು ಕುಡಿಯಲು ಕೊಡಿಸುತ್ತೇನೆ ಎಂದು ನಾನು ಮಾತು ಕೊಟ್ಟಿದ್ದೆ. ಕೊಟ್ಟ ಮಾತಿನಂತೆ ನೀರು ಕೊಡಲಾಗಿದೆ. ನಾಳೆಯಿಂದಲೇ ಪಟ್ಟಣದ ಪ್ರತಿ ಮನೆಗೂ ಕುಡಿಯುವ ನೀರು ಸರಬರಾಜು ಆಗಲಿದೆ ಎಂದು ಹಗರಿಬೊಮ್ಮನಹಳ್ಳಿ ಕ್ಷೇತ್ರದ ಶಾಸಕ ಕೆ. ನೇಮಿರಾಜ್ ನಾಯ್ಕ ಹೇಳಿದರು. ಬುಧವಾರ ಸಂಜೆ ತುಂಗಭದ್ರಾ ನದಿ ತೀರದ ಜಾಕ್ವೆಲ್ ಪಾಯಿಂಟ್‌ನಲ್ಲಿ ಅಮೃತ್ 2 ಯೋಜನೆಯ ಕುಡಿಯುವ ನೀರಿನ ಯೋಜನೆಗೆ ಪಟ್ಟಣದ ಗುರುವಾದ ದೇವರ ಮಠದ ಮಲ್ಲಿಕಾರ್ಜುನ ಶಿವಾಚಾರ್ಯ ಸ್ವಾಮಿಗಳ ಜೊತೆಗೆ ಚಾಲನೆ ನೀಡಿ ಅವರು ಮಾತನಾಡಿದರು. ನಾರಾಯಣದೇವರಕೆರೆಯಿಂದ ಊರು ಬಿಟ್ಟು ಮರಿಯಮ್ಮನಹಳ್ಳಿಗೆ ಬಂದಾಗ ಎಲ್ಲರೂ ಜನರು ಮನೆ, ಜಮೀನು ಕಳೆದುಕೊಂಡರು. ಆದರೆ ಕುಡಿಯುವ ನೀರು ಜಲಾಶಯದ ಹಿನ್ನೀರಿನಲ್ಲಿಯೇ ಮುಳುಗಿತು. ಬಳಿಕ ಅನೇಕ ವರ್ಷಗಳ ಕಾಲ ಹೋರಾಟ ನಡೆದಿದ್ದು ಇಂದು ಜನತೆಯ ಕನಸು ನನಸಾಗಿದೆ. ನಾನು ಮರಿಯಮ್ಮನಹಳ್ಳಿಯ ನಿವಾಸಿಗಳ ಸಮಸ್ಯೆ ಅರಿತು ಈ ಯೋಜನೆಗೆ ಶ್ರಮಿಸಿದ್ದೇನೆ.
ಅಗಿನ ಮುಖ್ಯಮಂತ್ರಿಗಳಾದ ಬಸವರಾಜ ಬೊಮ್ಮಾಯಿ ಅವರ ಗಮನಕ್ಕೆ ಕುಡಿಯುವ ನೀರಿನ ಸಮಸ್ಯೆಯನ್ನು ತರಲಾಗಿತ್ತು. ಆಗ ಮುಖ್ಯಮಂತ್ರಿಗಳಾಗಿದ್ದ ಬಸವರಾಜ ಬೊಮ್ಮಾಯಿ ಅವರು ಯೋಜನೆಗೆ ಹಣ ಬಿಡುಗಡೆ ಮಾಡಿದರು. ಜಲಸಂಪನ್ಮೂಲ ಇಲಾಖೆ ಮೂಲಕ ಕಾಮಗಾರಿ ಆರಂಭಿಸಲಾಗಿದ್ದು ಇದೀಗ ಪೂರ್ಣಗೊಂಡಿದೆ. ಮರಿಯಮ್ಮನಹಳ್ಳಿಗೆ ತುಂಗಭದ್ರಾ ಜಲಾಶಯದಿಂದ ನೇರವಾಗಿ ಪೈಪ್‌ಲೈನ್ ಮೂಲಕ ನೀರು ಸರಬರಾಜು ಮಾಡಲಾಗುತ್ತಿದ್ದು, ಜಾಕ್ವೆಲ್ ಹಾಗೂ ನೀರು ಶುದ್ಧೀಕರಣ ಘಟಕ ನಿರ್ಮಿಸಲಾಗಿದೆ. ಅಮೃತ್ 2 ಯೋಜನೆಯಡಿ ಪಟ್ಟಣದ ಎಲ್ಲಾ ವಾರ್ಡ್‌ಗಳಿಗೂ ನೀರು ಪೂರೈಕೆ ಮಾಡಲಾಗುವುದು. ಜಲಸಂಪನ್ಮೂಲ ಇಲಾಖೆಯ ಎಇಇ ವಿ.ಪಿ. ದಿವಾಕರ್ ಅವರ ಸಮಯಪಾಲನೆ ಹಾಗೂ ಅಧಿಕಾರಿಗಳ ಶ್ರಮದಿಂದ ಕಾಮಗಾರಿ ಪೂರ್ಣಗೊಂಡಿದೆ ಎಂದರು. ಜಿಲ್ಲಾ ಉಸ್ತುವಾರಿ ಸಚಿವ ಜಮೀರ್ ಅಹ್ಮದ್ ಖಾನ್ ಸಹ ಸಹಕರಿಸಿದ್ದು ಕುಡಿಯುವ ನೀರಿನ ಈ ಯೋಜನೆಗೆ ಅಗತ್ಯ ಅನುದಾನ ಬಿಡುಗಡೆ ಮಾಡಿದ್ದಾರೆ.
ವಾಗಲು ಸಹಕಾರಿಯಾಗಿದೆ. ಯುಗಾದಿ ವೇಳೆಗೆ ಹೊಸ ಕುಡಿಯುವ ನೀರಿನ ಮರಿಯಮ್ಮನಹಳ್ಳಿ ಜನರಿಗೆ ನೀಡುವುದಾಗಿ ಭರವಸೆ ನೀಡಿದ್ದೆನು. ಆ ಮಾತಿನಂತೆ ಕುಡಿಯುವ ನೀರನ್ನು ಸರಬರಾಜು ಮಾಡಲಾಗಿದೆ ಎಂದು ಅವರು ಹೇಳಿದರು. ಈ ಭಾಗದ ಜನತೆಯ ಬೇಡಿಕೆಗೆ ಸ್ಪಂದಿಸಿ ನಾನು ಮತ್ತು ಮಾಜಿ ಶಾಸಕರುಗಳು ಸಹಕಾರದೊಂದಿಗೆ ಯೋಜನೆಯನ್ನು ಪೂರ್ಣಗೊಳಿಸಲಾಗಿದೆ. ಪಟ್ಟಣ ಪಂಚಾಯಿತಿ ಅಧ್ಯಕ್ಷರು, ಉಪಾಧ್ಯಕ್ಷರು ಹಾಗೂ ಸದಸ್ಯರು ಸೇರಿದಂತೆ ಎಲ್ಲಾ ಸದಸ್ಯರು ಸಹಕಾರ ನೀಡಿದರು ಎಂದು ಹೇಳಿದರು. ಮುಖ್ಯಾಧಿಕಾರಿಗಳು, ಹೋರಾಟ ಸಮಿತಿಯವರು ಹಾಗೂ ಸಾರ್ವಜನಿಕರು ಪಾಲ್ಗೊಂಡಿದ್ದರು. ಕುಡಿಯುವ ನೀರಿಗೆ ನಾಳೆಯಿಂದಲೇ ದಿನದ 24 ತಾಸುಗಳ ಕಾಲ ನೀರು ಸರಬರಾಜು ವ್ಯವಸ್ಥೆ ರೂಪಿಸಲಾಗಿದೆ ಎಂದು ಅವರು ಹೇಳಿದರು. ಈ ಸಂದರ್ಭದಲ್ಲಿ ಮರಿಯಮ್ಮನಹಳ್ಳಿ ಗುರುವಾದ ದೇವರ ಮಠದ ಮಲ್ಲಿಕಾರ್ಜುನ ಶಿವಾಚಾರ್ಯ ಸ್ವಾಮಿಗಳು, ಪ.ಪಂ. ಅಧ್ಯಕ್ಷ, ಉಪಾಧ್ಯಕ್ಷ, ಸದಸ್ಯರು, ಮುಖ್ಯಾಧಿಕಾರಿ, ಇಂಜಿನಿಯರ್ ಟಿ.ಎಸ್. ಹನುಮಂತಪ್ಪ, ಮುಖಂಡರಾದ ಪರಶುರಾಮ, ಡಿ. ರಾಮಲಿಂಗ, ಕೆ. ರಮೇಶ್, ಬಿ.ಎಂ.ಎಸ್. ಪ್ರಕಾಶ್, ರೋಗಣಿ ಮಂಜುನಾಥ್, ಡಾ. ಎಸ್. ನಾಗೇಶ್ ಸೇರಿದಂತೆ ಅನೇಕರು ಉಪಸ್ಥಿತರಿದ್ದರು.
OWNER , PUBLISHER & PRINTER K. M. REKHA PUBLISHED AT HOSPET TIMES, APOORVA OFFSET PRINTERS , SACHIDANAND LANE , MAIN BAZAR , HOSAPETE , BALLARI & PRINTED AT APOORVA OFFSET PRINTERS ,
SACHIDANAND LANE , MAIN BAZAR , HOSAPETE , BALLARI , EDITOR K. M. REKHA. EMAIL : hospettimes@gmail.com, Mob No 94484 41484.
